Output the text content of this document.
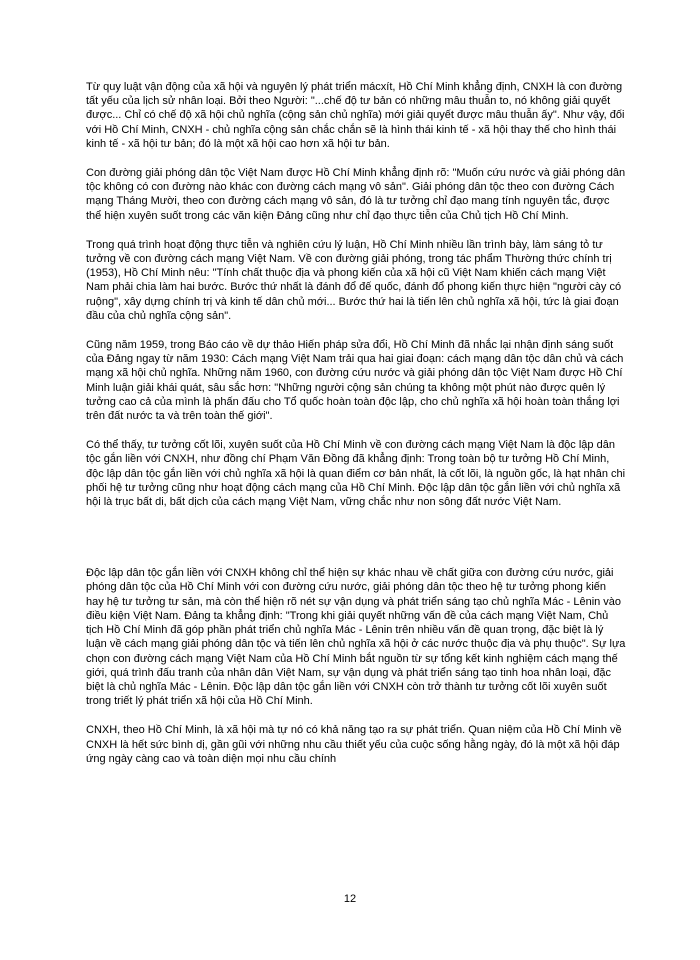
Từ quy luật vận động của xã hội và nguyên lý phát triển mácxít, Hồ Chí Minh khẳng định, CNXH là con đường tất yếu của lịch sử nhân loại. Bởi theo Người: "...chế độ tư bản có những mâu thuẫn to, nó không giải quyết được... Chỉ có chế độ xã hội chủ nghĩa (cộng sản chủ nghĩa) mới giải quyết được mâu thuẫn ấy". Như vậy, đối với Hồ Chí Minh, CNXH - chủ nghĩa cộng sản chắc chắn sẽ là hình thái kinh tế - xã hội thay thế cho hình thái kinh tế - xã hội tư bản; đó là một xã hội cao hơn xã hội tư bản.

Con đường giải phóng dân tộc Việt Nam được Hồ Chí Minh khẳng định rõ: "Muốn cứu nước và giải phóng dân tộc không có con đường nào khác con đường cách mạng vô sản". Giải phóng dân tộc theo con đường Cách mạng Tháng Mười, theo con đường cách mạng vô sản, đó là tư tưởng chỉ đạo mang tính nguyên tắc, được thể hiện xuyên suốt trong các văn kiện Đảng cũng như chỉ đạo thực tiễn của Chủ tịch Hồ Chí Minh.

Trong quá trình hoạt động thực tiễn và nghiên cứu lý luận, Hồ Chí Minh nhiều lần trình bày, làm sáng tỏ tư tưởng về con đường cách mạng Việt Nam. Về con đường giải phóng, trong tác phẩm Thường thức chính trị (1953), Hồ Chí Minh nêu: "Tính chất thuộc địa và phong kiến của xã hội cũ Việt Nam khiến cách mạng Việt Nam phải chia làm hai bước. Bước thứ nhất là đánh đổ đế quốc, đánh đổ phong kiến thực hiện "người cày có ruộng", xây dựng chính trị và kinh tế dân chủ mới... Bước thứ hai là tiến lên chủ nghĩa xã hội, tức là giai đoạn đầu của chủ nghĩa cộng sản".

Cũng năm 1959, trong Báo cáo về dự thảo Hiến pháp sửa đổi, Hồ Chí Minh đã nhắc lại nhận định sáng suốt của Đảng ngay từ năm 1930: Cách mạng Việt Nam trải qua hai giai đoạn: cách mạng dân tộc dân chủ và cách mạng xã hội chủ nghĩa. Những năm 1960, con đường cứu nước và giải phóng dân tộc Việt Nam được Hồ Chí Minh luận giải khái quát, sâu sắc hơn: "Những người cộng sản chúng ta không một phút nào được quên lý tưởng cao cả của mình là phấn đấu cho Tổ quốc hoàn toàn độc lập, cho chủ nghĩa xã hội hoàn toàn thắng lợi trên đất nước ta và trên toàn thế giới".

Có thể thấy, tư tưởng cốt lõi, xuyên suốt của Hồ Chí Minh về con đường cách mạng Việt Nam là độc lập dân tộc gắn liền với CNXH, như đồng chí Phạm Văn Đồng đã khẳng định: Trong toàn bộ tư tưởng Hồ Chí Minh, độc lập dân tộc gắn liền với chủ nghĩa xã hội là quan điểm cơ bản nhất, là cốt lõi, là nguồn gốc, là hạt nhân chi phối hệ tư tưởng cũng như hoạt động cách mạng của Hồ Chí Minh. Độc lập dân tộc gắn liền với chủ nghĩa xã hội là trục bất di, bất dịch của cách mạng Việt Nam, vững chắc như non sông đất nước Việt Nam.

Độc lập dân tộc gắn liền với CNXH không chỉ thể hiện sự khác nhau về chất giữa con đường cứu nước, giải phóng dân tộc của Hồ Chí Minh với con đường cứu nước, giải phóng dân tộc theo hệ tư tưởng phong kiến hay hệ tư tưởng tư sản, mà còn thể hiện rõ nét sự vận dụng và phát triển sáng tạo chủ nghĩa Mác - Lênin vào điều kiện Việt Nam. Đảng ta khẳng định: "Trong khi giải quyết những vấn đề của cách mạng Việt Nam, Chủ tịch Hồ Chí Minh đã góp phần phát triển chủ nghĩa Mác - Lênin trên nhiều vấn đề quan trọng, đặc biệt là lý luận về cách mạng giải phóng dân tộc và tiến lên chủ nghĩa xã hội ở các nước thuộc địa và phụ thuộc". Sự lựa chọn con đường cách mạng Việt Nam của Hồ Chí Minh bắt nguồn từ sự tổng kết kinh nghiệm cách mạng thế giới, quá trình đấu tranh của nhân dân Việt Nam, sự vận dụng và phát triển sáng tạo tinh hoa nhân loại, đặc biệt là chủ nghĩa Mác - Lênin. Độc lập dân tộc gắn liền với CNXH còn trở thành tư tưởng cốt lõi xuyên suốt trong triết lý phát triển xã hội của Hồ Chí Minh.

CNXH, theo Hồ Chí Minh, là xã hội mà tự nó có khả năng tạo ra sự phát triển. Quan niệm của Hồ Chí Minh về CNXH là hết sức bình dị, gần gũi với những nhu cầu thiết yếu của cuộc sống hằng ngày, đó là một xã hội đáp ứng ngày càng cao và toàn diện mọi nhu cầu chính

12
